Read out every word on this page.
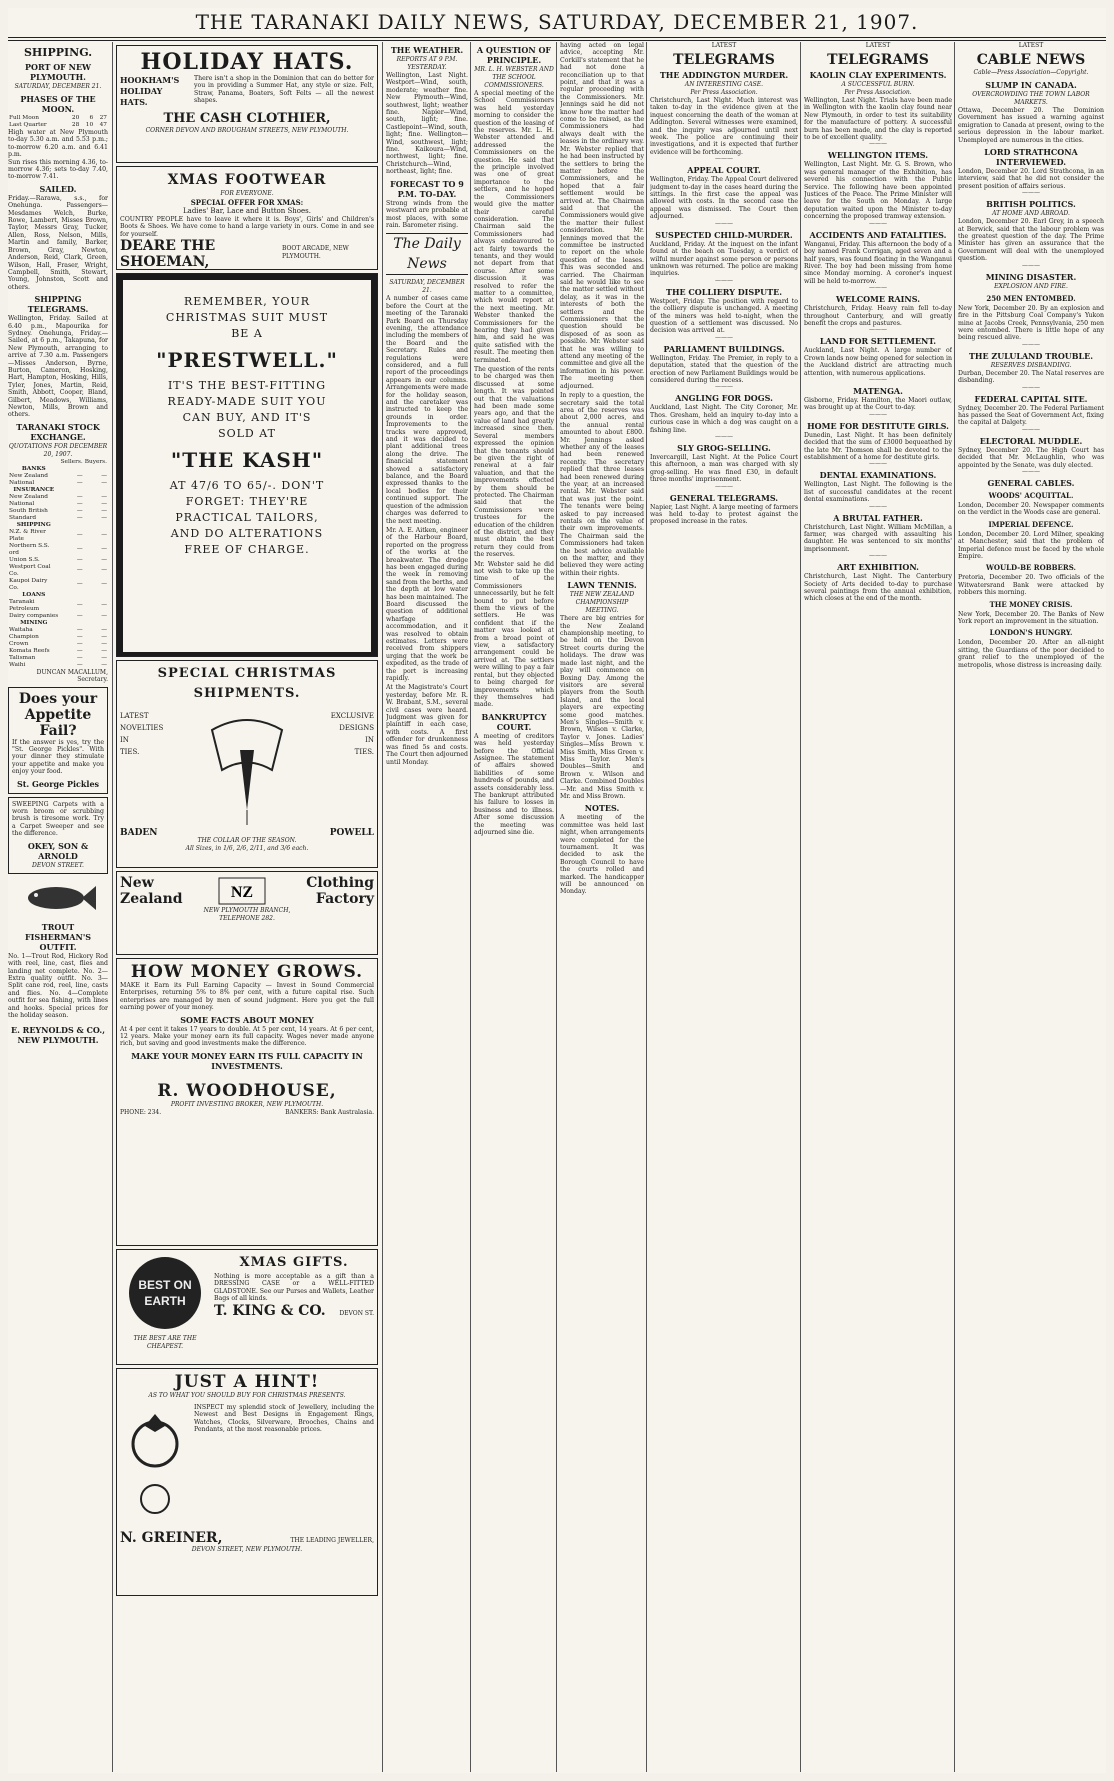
THE TARANAKI DAILY NEWS, SATURDAY, DECEMBER 21, 1907.
SHIPPING.
PORT OF NEW PLYMOUTH.
SATURDAY, DECEMBER 21.
PHASES OF THE MOON.
Full Moon	20	6	27
Last Quarter	28	10	47
High water at New Plymouth to-day 5.30 a.m. and 5.53 p.m.; to-morrow 6.20 a.m. and 6.41 p.m.
Sun rises this morning 4.36, to-morrow 4.36; sets to-day 7.40, to-morrow 7.41.
SAILED.
Friday.—Rarawa, s.s., for Onehunga. Passengers—Mesdames Welch, Burke, Rowe, Lambert, Misses Brown, Taylor, Messrs Gray, Tucker, Allen, Ross, Nelson, Mills, Martin and family, Barker, Brown, Gray, Newton, Anderson, Reid, Clark, Green, Wilson, Hall, Fraser, Wright, Campbell, Smith, Stewart, Young, Johnston, Scott and others.
SHIPPING TELEGRAMS.
Wellington, Friday. Sailed at 6.40 p.m., Mapourika for Sydney. Onehunga, Friday.—Sailed, at 6 p.m., Takapuna, for New Plymouth, arranging to arrive at 7.30 a.m. Passengers—Misses Anderson, Byrne, Burton, Cameron, Hosking, Hart, Hampton, Hosking, Hills, Tyler, Jones, Martin, Reid, Smith, Abbott, Cooper, Bland, Gilbert, Meadows, Williams, Newton, Mills, Brown and others.
TARANAKI STOCK EXCHANGE.
QUOTATIONS FOR DECEMBER 20, 1907.
	Sellers.	Buyers.
BANKS		
New Zealand	—	—
National	—	—
INSURANCE		
New Zealand	—	—
National	—	—
South British	—	—
Standard	—	—
SHIPPING		
N.Z. & River Plate	—	—
Northern S.S. ord	—	—
Union S.S.	—	—
Westport Coal Co.	—	—
Kaupoi Dairy Co.	—	—
LOANS		
Taranaki Petroleum	—	—
Dairy companies	—	—
MINING		
Waitaha	—	—
Champion	—	—
Crown	—	—
Komata Reefs	—	—
Talisman	—	—
Waihi	—	—
DUNCAN MACALLUM, Secretary.
Does your Appetite Fail?
If the answer is yes, try the "St. George Pickles". With your dinner they stimulate your appetite and make you enjoy your food.
St. George Pickles
SWEEPING Carpets with a worn broom or scrubbing brush is tiresome work. Try a Carpet Sweeper and see the difference.
OKEY, SON & ARNOLD
DEVON STREET.
TROUT FISHERMAN'S OUTFIT.
No. 1—Trout Rod, Hickory Rod with reel, line, cast, flies and landing net complete. No. 2—Extra quality outfit. No. 3—Split cane rod, reel, line, casts and flies. No. 4—Complete outfit for sea fishing, with lines and hooks. Special prices for the holiday season.
E. REYNOLDS & CO., NEW PLYMOUTH.
HOLIDAY HATS.
HOOKHAM'S HOLIDAY HATS.
There isn't a shop in the Dominion that can do better for you in providing a Summer Hat, any style or size. Felt, Straw, Panama, Boaters, Soft Felts — all the newest shapes.
THE CASH CLOTHIER,
CORNER DEVON AND BROUGHAM STREETS, NEW PLYMOUTH.
XMAS FOOTWEAR
FOR EVERYONE.
SPECIAL OFFER FOR XMAS:
Ladies' Bar, Lace and Button Shoes.
COUNTRY PEOPLE have to leave it where it is. Boys', Girls' and Children's Boots & Shoes. We have come to hand a large variety in ours. Come in and see for yourself.
DEARE THE SHOEMAN,
BOOT ARCADE, NEW PLYMOUTH.
REMEMBER, YOUR
CHRISTMAS SUIT MUST
BE A
"PRESTWELL."
IT'S THE BEST-FITTING
READY-MADE SUIT YOU
CAN BUY, AND IT'S
SOLD AT
"THE KASH"
AT 47/6 TO 65/-. DON'T
FORGET: THEY'RE
PRACTICAL TAILORS,
AND DO ALTERATIONS
FREE OF CHARGE.
SPECIAL CHRISTMAS SHIPMENTS.
LATEST
NOVELTIES
IN
TIES.
EXCLUSIVE
DESIGNS
IN
TIES.
BADEN	POWELL
THE COLLAR OF THE SEASON.
All Sizes, in 1/6, 2/6, 2/11, and 3/6 each.
New Zealand	NZ
Clothing Factory
NEW PLYMOUTH BRANCH,
TELEPHONE 282.
HOW MONEY GROWS.
MAKE it Earn its Full Earning Capacity — Invest in Sound Commercial Enterprises, returning 5% to 8% per cent, with a future capital rise. Such enterprises are managed by men of sound judgment. Here you get the full earning power of your money.
SOME FACTS ABOUT MONEY
At 4 per cent it takes 17 years to double. At 5 per cent, 14 years. At 6 per cent, 12 years. Make your money earn its full capacity. Wages never made anyone rich, but saving and good investments make the difference.
MAKE YOUR MONEY EARN ITS FULL CAPACITY IN INVESTMENTS.
R. WOODHOUSE,
PROFIT INVESTING BROKER, NEW PLYMOUTH.
PHONE: 234.	BANKERS: Bank Australasia.
BEST ON
EARTH
THE BEST ARE THE CHEAPEST.
XMAS GIFTS.
Nothing is more acceptable as a gift than a DRESSING CASE or a WELL-FITTED GLADSTONE. See our Purses and Wallets, Leather Bags of all kinds.
T. KING & CO. DEVON ST.
JUST A HINT!
AS TO WHAT YOU SHOULD BUY FOR CHRISTMAS PRESENTS.
INSPECT my splendid stock of Jewellery, including the Newest and Best Designs in Engagement Rings, Watches, Clocks, Silverware, Brooches, Chains and Pendants, at the most reasonable prices.
N. GREINER,	THE LEADING JEWELLER,
DEVON STREET, NEW PLYMOUTH.
THE WEATHER.
REPORTS AT 9 P.M. YESTERDAY.
Wellington, Last Night. Westport—Wind, south, moderate; weather fine. New Plymouth—Wind, southwest, light; weather fine. Napier—Wind, south, light; fine. Castlepoint—Wind, south, light; fine. Wellington—Wind, southwest, light; fine. Kaikoura—Wind, northwest, light; fine. Christchurch—Wind, northeast, light; fine.
FORECAST TO 9 P.M. TO-DAY.
Strong winds from the westward are probable at most places, with some rain. Barometer rising.
The Daily News
SATURDAY, DECEMBER 21.
A number of cases came before the Court at the meeting of the Taranaki Park Board on Thursday evening, the attendance including the members of the Board and the Secretary. Rules and regulations were considered, and a full report of the proceedings appears in our columns. Arrangements were made for the holiday season, and the caretaker was instructed to keep the grounds in order. Improvements to the tracks were approved, and it was decided to plant additional trees along the drive. The financial statement showed a satisfactory balance, and the Board expressed thanks to the local bodies for their continued support. The question of the admission charges was deferred to the next meeting.
Mr. A. E. Aitken, engineer of the Harbour Board, reported on the progress of the works at the breakwater. The dredge has been engaged during the week in removing sand from the berths, and the depth at low water has been maintained. The Board discussed the question of additional wharfage accommodation, and it was resolved to obtain estimates. Letters were received from shippers urging that the work be expedited, as the trade of the port is increasing rapidly.
At the Magistrate's Court yesterday, before Mr. R. W. Brabant, S.M., several civil cases were heard. Judgment was given for plaintiff in each case, with costs. A first offender for drunkenness was fined 5s and costs. The Court then adjourned until Monday.
A QUESTION OF PRINCIPLE.
MR. L. H. WEBSTER AND THE SCHOOL COMMISSIONERS.
A special meeting of the School Commissioners was held yesterday morning to consider the question of the leasing of the reserves. Mr. L. H. Webster attended and addressed the Commissioners on the question. He said that the principle involved was one of great importance to the settlers, and he hoped the Commissioners would give the matter their careful consideration. The Chairman said the Commissioners had always endeavoured to act fairly towards the tenants, and they would not depart from that course. After some discussion it was resolved to refer the matter to a committee, which would report at the next meeting. Mr. Webster thanked the Commissioners for the hearing they had given him, and said he was quite satisfied with the result. The meeting then terminated.
The question of the rents to be charged was then discussed at some length. It was pointed out that the valuations had been made some years ago, and that the value of land had greatly increased since then. Several members expressed the opinion that the tenants should be given the right of renewal at a fair valuation, and that the improvements effected by them should be protected. The Chairman said that the Commissioners were trustees for the education of the children of the district, and they must obtain the best return they could from the reserves.
Mr. Webster said he did not wish to take up the time of the Commissioners unnecessarily, but he felt bound to put before them the views of the settlers. He was confident that if the matter was looked at from a broad point of view, a satisfactory arrangement could be arrived at. The settlers were willing to pay a fair rental, but they objected to being charged for improvements which they themselves had made.
BANKRUPTCY COURT.
A meeting of creditors was held yesterday before the Official Assignee. The statement of affairs showed liabilities of some hundreds of pounds, and assets considerably less. The bankrupt attributed his failure to losses in business and to illness. After some discussion the meeting was adjourned sine die.
having acted on legal advice, accepting Mr. Corkill's statement that he had not done a reconciliation up to that point, and that it was a regular proceeding with the Commissioners. Mr. Jennings said he did not know how the matter had come to be raised, as the Commissioners had always dealt with the leases in the ordinary way. Mr. Webster replied that he had been instructed by the settlers to bring the matter before the Commissioners, and he hoped that a fair settlement would be arrived at. The Chairman said that the Commissioners would give the matter their fullest consideration. Mr. Jennings moved that the committee be instructed to report on the whole question of the leases. This was seconded and carried. The Chairman said he would like to see the matter settled without delay, as it was in the interests of both the settlers and the Commissioners that the question should be disposed of as soon as possible. Mr. Webster said that he was willing to attend any meeting of the committee and give all the information in his power. The meeting then adjourned.
In reply to a question, the secretary said the total area of the reserves was about 2,000 acres, and the annual rental amounted to about £800. Mr. Jennings asked whether any of the leases had been renewed recently. The secretary replied that three leases had been renewed during the year, at an increased rental. Mr. Webster said that was just the point. The tenants were being asked to pay increased rentals on the value of their own improvements. The Chairman said the Commissioners had taken the best advice available on the matter, and they believed they were acting within their rights.
LAWN TENNIS.
THE NEW ZEALAND CHAMPIONSHIP MEETING.
There are big entries for the New Zealand championship meeting, to be held on the Devon Street courts during the holidays. The draw was made last night, and the play will commence on Boxing Day. Among the visitors are several players from the South Island, and the local players are expecting some good matches. Men's Singles—Smith v. Brown, Wilson v. Clarke, Taylor v. Jones. Ladies' Singles—Miss Brown v. Miss Smith, Miss Green v. Miss Taylor. Men's Doubles—Smith and Brown v. Wilson and Clarke. Combined Doubles—Mr. and Miss Smith v. Mr. and Miss Brown.
NOTES.
A meeting of the committee was held last night, when arrangements were completed for the tournament. It was decided to ask the Borough Council to have the courts rolled and marked. The handicapper will be announced on Monday.
LATEST
TELEGRAMS
THE ADDINGTON MURDER.
AN INTERESTING CASE.
Per Press Association.
Christchurch, Last Night. Much interest was taken to-day in the evidence given at the inquest concerning the death of the woman at Addington. Several witnesses were examined, and the inquiry was adjourned until next week. The police are continuing their investigations, and it is expected that further evidence will be forthcoming.
———
APPEAL COURT.
Wellington, Friday. The Appeal Court delivered judgment to-day in the cases heard during the sittings. In the first case the appeal was allowed with costs. In the second case the appeal was dismissed. The Court then adjourned.
———
SUSPECTED CHILD-MURDER.
Auckland, Friday. At the inquest on the infant found at the beach on Tuesday, a verdict of wilful murder against some person or persons unknown was returned. The police are making inquiries.
———
THE COLLIERY DISPUTE.
Westport, Friday. The position with regard to the colliery dispute is unchanged. A meeting of the miners was held to-night, when the question of a settlement was discussed. No decision was arrived at.
———
PARLIAMENT BUILDINGS.
Wellington, Friday. The Premier, in reply to a deputation, stated that the question of the erection of new Parliament Buildings would be considered during the recess.
———
ANGLING FOR DOGS.
Auckland, Last Night. The City Coroner, Mr. Thos. Gresham, held an inquiry to-day into a curious case in which a dog was caught on a fishing line.
———
SLY GROG-SELLING.
Invercargill, Last Night. At the Police Court this afternoon, a man was charged with sly grog-selling. He was fined £30, in default three months' imprisonment.
———
GENERAL TELEGRAMS.
Napier, Last Night. A large meeting of farmers was held to-day to protest against the proposed increase in the rates.
LATEST
TELEGRAMS
KAOLIN CLAY EXPERIMENTS.
A SUCCESSFUL BURN.
Per Press Association.
Wellington, Last Night. Trials have been made in Wellington with the kaolin clay found near New Plymouth, in order to test its suitability for the manufacture of pottery. A successful burn has been made, and the clay is reported to be of excellent quality.
———
WELLINGTON ITEMS.
Wellington, Last Night. Mr. G. S. Brown, who was general manager of the Exhibition, has severed his connection with the Public Service. The following have been appointed Justices of the Peace. The Prime Minister will leave for the South on Monday. A large deputation waited upon the Minister to-day concerning the proposed tramway extension.
———
ACCIDENTS AND FATALITIES.
Wanganui, Friday. This afternoon the body of a boy named Frank Corrigan, aged seven and a half years, was found floating in the Wanganui River. The boy had been missing from home since Monday morning. A coroner's inquest will be held to-morrow.
———
WELCOME RAINS.
Christchurch, Friday. Heavy rain fell to-day throughout Canterbury, and will greatly benefit the crops and pastures.
———
LAND FOR SETTLEMENT.
Auckland, Last Night. A large number of Crown lands now being opened for selection in the Auckland district are attracting much attention, with numerous applications.
———
MATENGA.
Gisborne, Friday. Hamilton, the Maori outlaw, was brought up at the Court to-day.
———
HOME FOR DESTITUTE GIRLS.
Dunedin, Last Night. It has been definitely decided that the sum of £3000 bequeathed by the late Mr. Thomson shall be devoted to the establishment of a home for destitute girls.
———
DENTAL EXAMINATIONS.
Wellington, Last Night. The following is the list of successful candidates at the recent dental examinations.
———
A BRUTAL FATHER.
Christchurch, Last Night. William McMillan, a farmer, was charged with assaulting his daughter. He was sentenced to six months' imprisonment.
———
ART EXHIBITION.
Christchurch, Last Night. The Canterbury Society of Arts decided to-day to purchase several paintings from the annual exhibition, which closes at the end of the month.
LATEST
CABLE NEWS
Cable—Press Association—Copyright.
SLUMP IN CANADA.
OVERCROWDING THE TOWN LABOR MARKETS.
Ottawa, December 20. The Dominion Government has issued a warning against emigration to Canada at present, owing to the serious depression in the labour market. Unemployed are numerous in the cities.
LORD STRATHCONA INTERVIEWED.
London, December 20. Lord Strathcona, in an interview, said that he did not consider the present position of affairs serious.
———
BRITISH POLITICS.
AT HOME AND ABROAD.
London, December 20. Earl Grey, in a speech at Berwick, said that the labour problem was the greatest question of the day. The Prime Minister has given an assurance that the Government will deal with the unemployed question.
———
MINING DISASTER.
EXPLOSION AND FIRE.
250 MEN ENTOMBED.
New York, December 20. By an explosion and fire in the Pittsburg Coal Company's Yukon mine at Jacobs Creek, Pennsylvania, 250 men were entombed. There is little hope of any being rescued alive.
———
THE ZULULAND TROUBLE.
RESERVES DISBANDING.
Durban, December 20. The Natal reserves are disbanding.
———
FEDERAL CAPITAL SITE.
Sydney, December 20. The Federal Parliament has passed the Seat of Government Act, fixing the capital at Dalgety.
———
ELECTORAL MUDDLE.
Sydney, December 20. The High Court has decided that Mr. McLaughlin, who was appointed by the Senate, was duly elected.
———
GENERAL CABLES.
WOODS' ACQUITTAL.
London, December 20. Newspaper comments on the verdict in the Woods case are general.
IMPERIAL DEFENCE.
London, December 20. Lord Milner, speaking at Manchester, said that the problem of Imperial defence must be faced by the whole Empire.
WOULD-BE ROBBERS.
Pretoria, December 20. Two officials of the Witwatersrand Bank were attacked by robbers this morning.
THE MONEY CRISIS.
New York, December 20. The Banks of New York report an improvement in the situation.
LONDON'S HUNGRY.
London, December 20. After an all-night sitting, the Guardians of the poor decided to grant relief to the unemployed of the metropolis, whose distress is increasing daily.
